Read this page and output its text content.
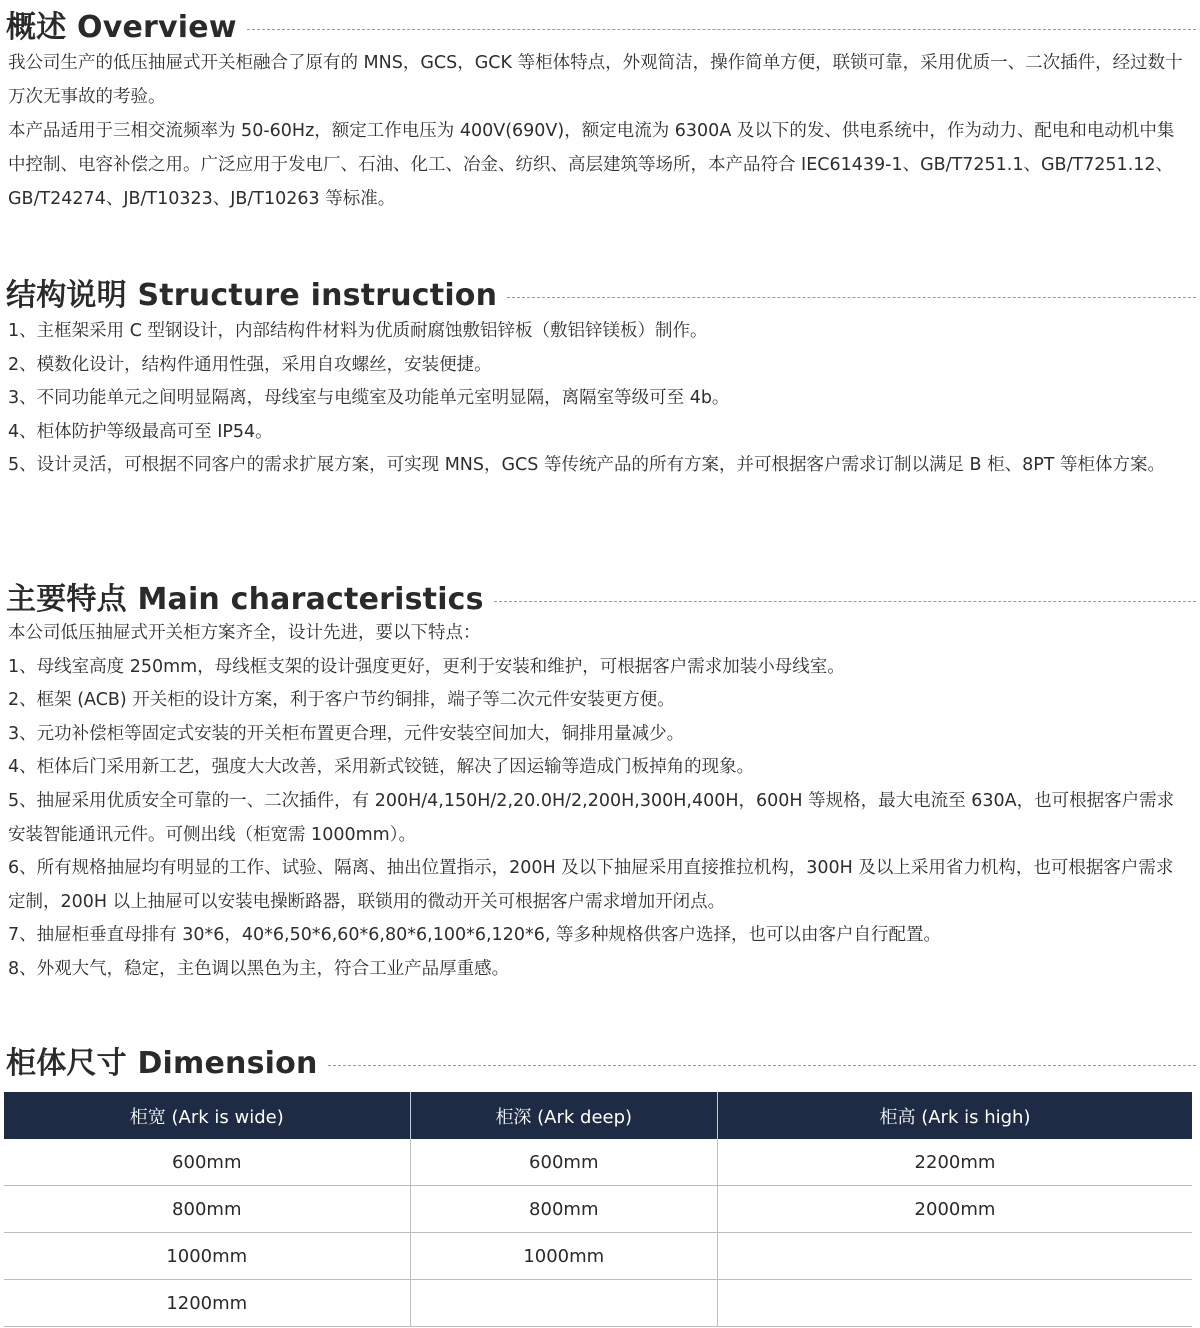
概述 Overview

我公司生产的低压抽屉式开关柜融合了原有的 MNS，GCS，GCK 等柜体特点，外观简洁，操作简单方便，联锁可靠，采用优质一、二次插件，经过数十万次无事故的考验。

本产品适用于三相交流频率为 50-60Hz，额定工作电压为 400V(690V)，额定电流为 6300A 及以下的发、供电系统中，作为动力、配电和电动机中集中控制、电容补偿之用。广泛应用于发电厂、石油、化工、冶金、纺织、高层建筑等场所，本产品符合 IEC61439-1、GB/T7251.1、GB/T7251.12、GB/T24274、JB/T10323、JB/T10263 等标准。

结构说明 Structure instruction
1、主框架采用 C 型钢设计，内部结构件材料为优质耐腐蚀敷铝锌板（敷铝锌镁板）制作。
2、模数化设计，结构件通用性强，采用自攻螺丝，安装便捷。
3、不同功能单元之间明显隔离，母线室与电缆室及功能单元室明显隔，离隔室等级可至 4b。
4、柜体防护等级最高可至 IP54。
5、设计灵活，可根据不同客户的需求扩展方案，可实现 MNS，GCS 等传统产品的所有方案，并可根据客户需求订制以满足 B 柜、8PT 等柜体方案。
主要特点 Main characteristics
本公司低压抽屉式开关柜方案齐全，设计先进，要以下特点：
1、母线室高度 250mm，母线框支架的设计强度更好，更利于安装和维护，可根据客户需求加装小母线室。
2、框架 (ACB) 开关柜的设计方案，利于客户节约铜排，端子等二次元件安装更方便。
3、元功补偿柜等固定式安装的开关柜布置更合理，元件安装空间加大，铜排用量减少。
4、柜体后门采用新工艺，强度大大改善，采用新式铰链，解决了因运输等造成门板掉角的现象。
5、抽屉采用优质安全可靠的一、二次插件，有 200H/4,150H/2,20.0H/2,200H,300H,400H，600H 等规格，最大电流至 630A，也可根据客户需求安装智能通讯元件。可侧出线（柜宽需 1000mm）。
6、所有规格抽屉均有明显的工作、试验、隔离、抽出位置指示，200H 及以下抽屉采用直接推拉机构，300H 及以上采用省力机构，也可根据客户需求定制，200H 以上抽屉可以安装电操断路器，联锁用的微动开关可根据客户需求增加开闭点。
7、抽屉柜垂直母排有 30*6，40*6,50*6,60*6,80*6,100*6,120*6, 等多种规格供客户选择，也可以由客户自行配置。
8、外观大气，稳定，主色调以黑色为主，符合工业产品厚重感。
柜体尺寸 Dimension
柜宽 (Ark is wide)	柜深 (Ark deep)	柜高 (Ark is high)
600mm	600mm	2200mm
800mm	800mm	2000mm
1000mm	1000mm	
1200mm		
